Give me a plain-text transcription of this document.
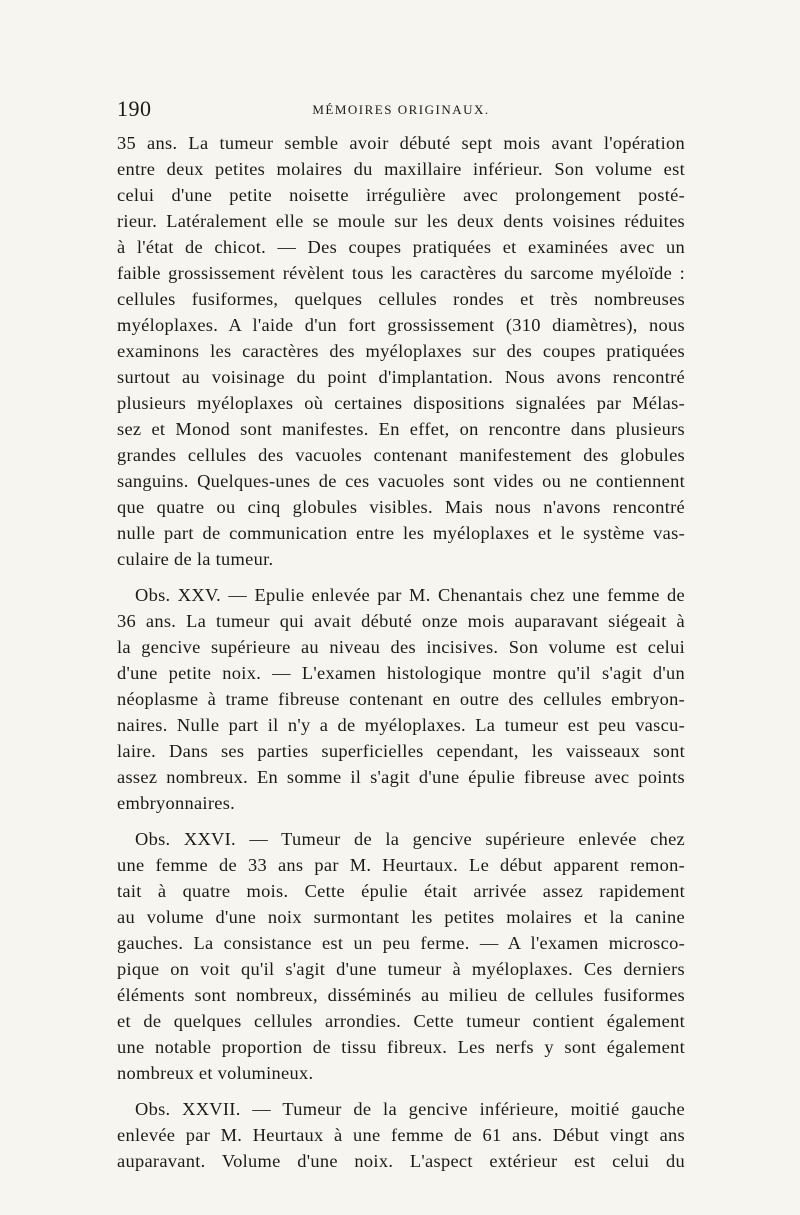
190	MÉMOIRES ORIGINAUX.

35 ans. La tumeur semble avoir débuté sept mois avant l'opération

entre deux petites molaires du maxillaire inférieur. Son volume est

celui d'une petite noisette irrégulière avec prolongement posté-

rieur. Latéralement elle se moule sur les deux dents voisines réduites

à l'état de chicot. — Des coupes pratiquées et examinées avec un

faible grossissement révèlent tous les caractères du sarcome myéloïde :

cellules fusiformes, quelques cellules rondes et très nombreuses

myéloplaxes. A l'aide d'un fort grossissement (310 diamètres), nous

examinons les caractères des myéloplaxes sur des coupes pratiquées

surtout au voisinage du point d'implantation. Nous avons rencontré

plusieurs myéloplaxes où certaines dispositions signalées par Mélas-

sez et Monod sont manifestes. En effet, on rencontre dans plusieurs

grandes cellules des vacuoles contenant manifestement des globules

sanguins. Quelques-unes de ces vacuoles sont vides ou ne contiennent

que quatre ou cinq globules visibles. Mais nous n'avons rencontré

nulle part de communication entre les myéloplaxes et le système vas-

culaire de la tumeur.

Obs. XXV. — Epulie enlevée par M. Chenantais chez une femme de

36 ans. La tumeur qui avait débuté onze mois auparavant siégeait à

la gencive supérieure au niveau des incisives. Son volume est celui

d'une petite noix. — L'examen histologique montre qu'il s'agit d'un

néoplasme à trame fibreuse contenant en outre des cellules embryon-

naires. Nulle part il n'y a de myéloplaxes. La tumeur est peu vascu-

laire. Dans ses parties superficielles cependant, les vaisseaux sont

assez nombreux. En somme il s'agit d'une épulie fibreuse avec points

embryonnaires.

Obs. XXVI. — Tumeur de la gencive supérieure enlevée chez

une femme de 33 ans par M. Heurtaux. Le début apparent remon-

tait à quatre mois. Cette épulie était arrivée assez rapidement

au volume d'une noix surmontant les petites molaires et la canine

gauches. La consistance est un peu ferme. — A l'examen microsco-

pique on voit qu'il s'agit d'une tumeur à myéloplaxes. Ces derniers

éléments sont nombreux, disséminés au milieu de cellules fusiformes

et de quelques cellules arrondies. Cette tumeur contient également

une notable proportion de tissu fibreux. Les nerfs y sont également

nombreux et volumineux.

Obs. XXVII. — Tumeur de la gencive inférieure, moitié gauche

enlevée par M. Heurtaux à une femme de 61 ans. Début vingt ans

auparavant. Volume d'une noix. L'aspect extérieur est celui du
